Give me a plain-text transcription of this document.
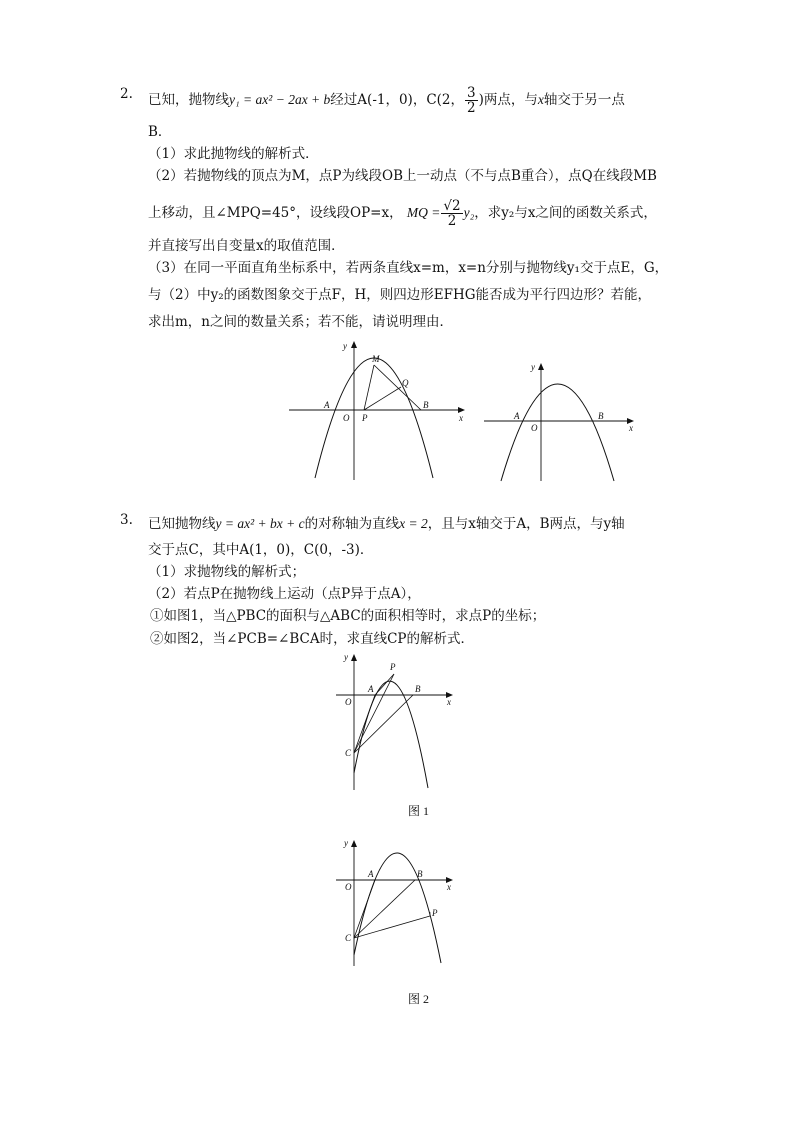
2. 已知，抛物线y₁ = ax² − 2ax + b经过A(-1，0)，C(2， $\frac{3}{2}$ )两点，与x轴交于另一点
B．
（1）求此抛物线的解析式．
（2）若抛物线的顶点为M，点P为线段OB上一动点（不与点B重合），点Q在线段MB
上移动，且∠MPQ=45°，设线段OP=x， MQ = $\frac{√2}{2} y_2$，求y₂与x之间的函数关系式，
并直接写出自变量x的取值范围．
（3）在同一平面直角坐标系中，若两条直线x=m，x=n分别与抛物线y₁交于点E，G，
与（2）中y₂的函数图象交于点F，H，则四边形EFHG能否成为平行四边形？若能，
求出m，n之间的数量关系；若不能，请说明理由．
y
x
M
Q
A
O P
B
y
x
A
O
B
3. 已知抛物线y = ax² + bx + c的对称轴为直线x = 2，且与x轴交于A，B两点，与y轴
交于点C，其中A(1，0)，C(0，-3)．
（1）求抛物线的解析式；
（2）若点P在抛物线上运动（点P异于点A），
①如图1，当△PBC的面积与△ABC的面积相等时，求点P的坐标；
②如图2，当∠PCB=∠BCA时，求直线CP的解析式．
y
x
P
A	B
O
C
图 1
y
x
A	B
O
C
P
图 2
